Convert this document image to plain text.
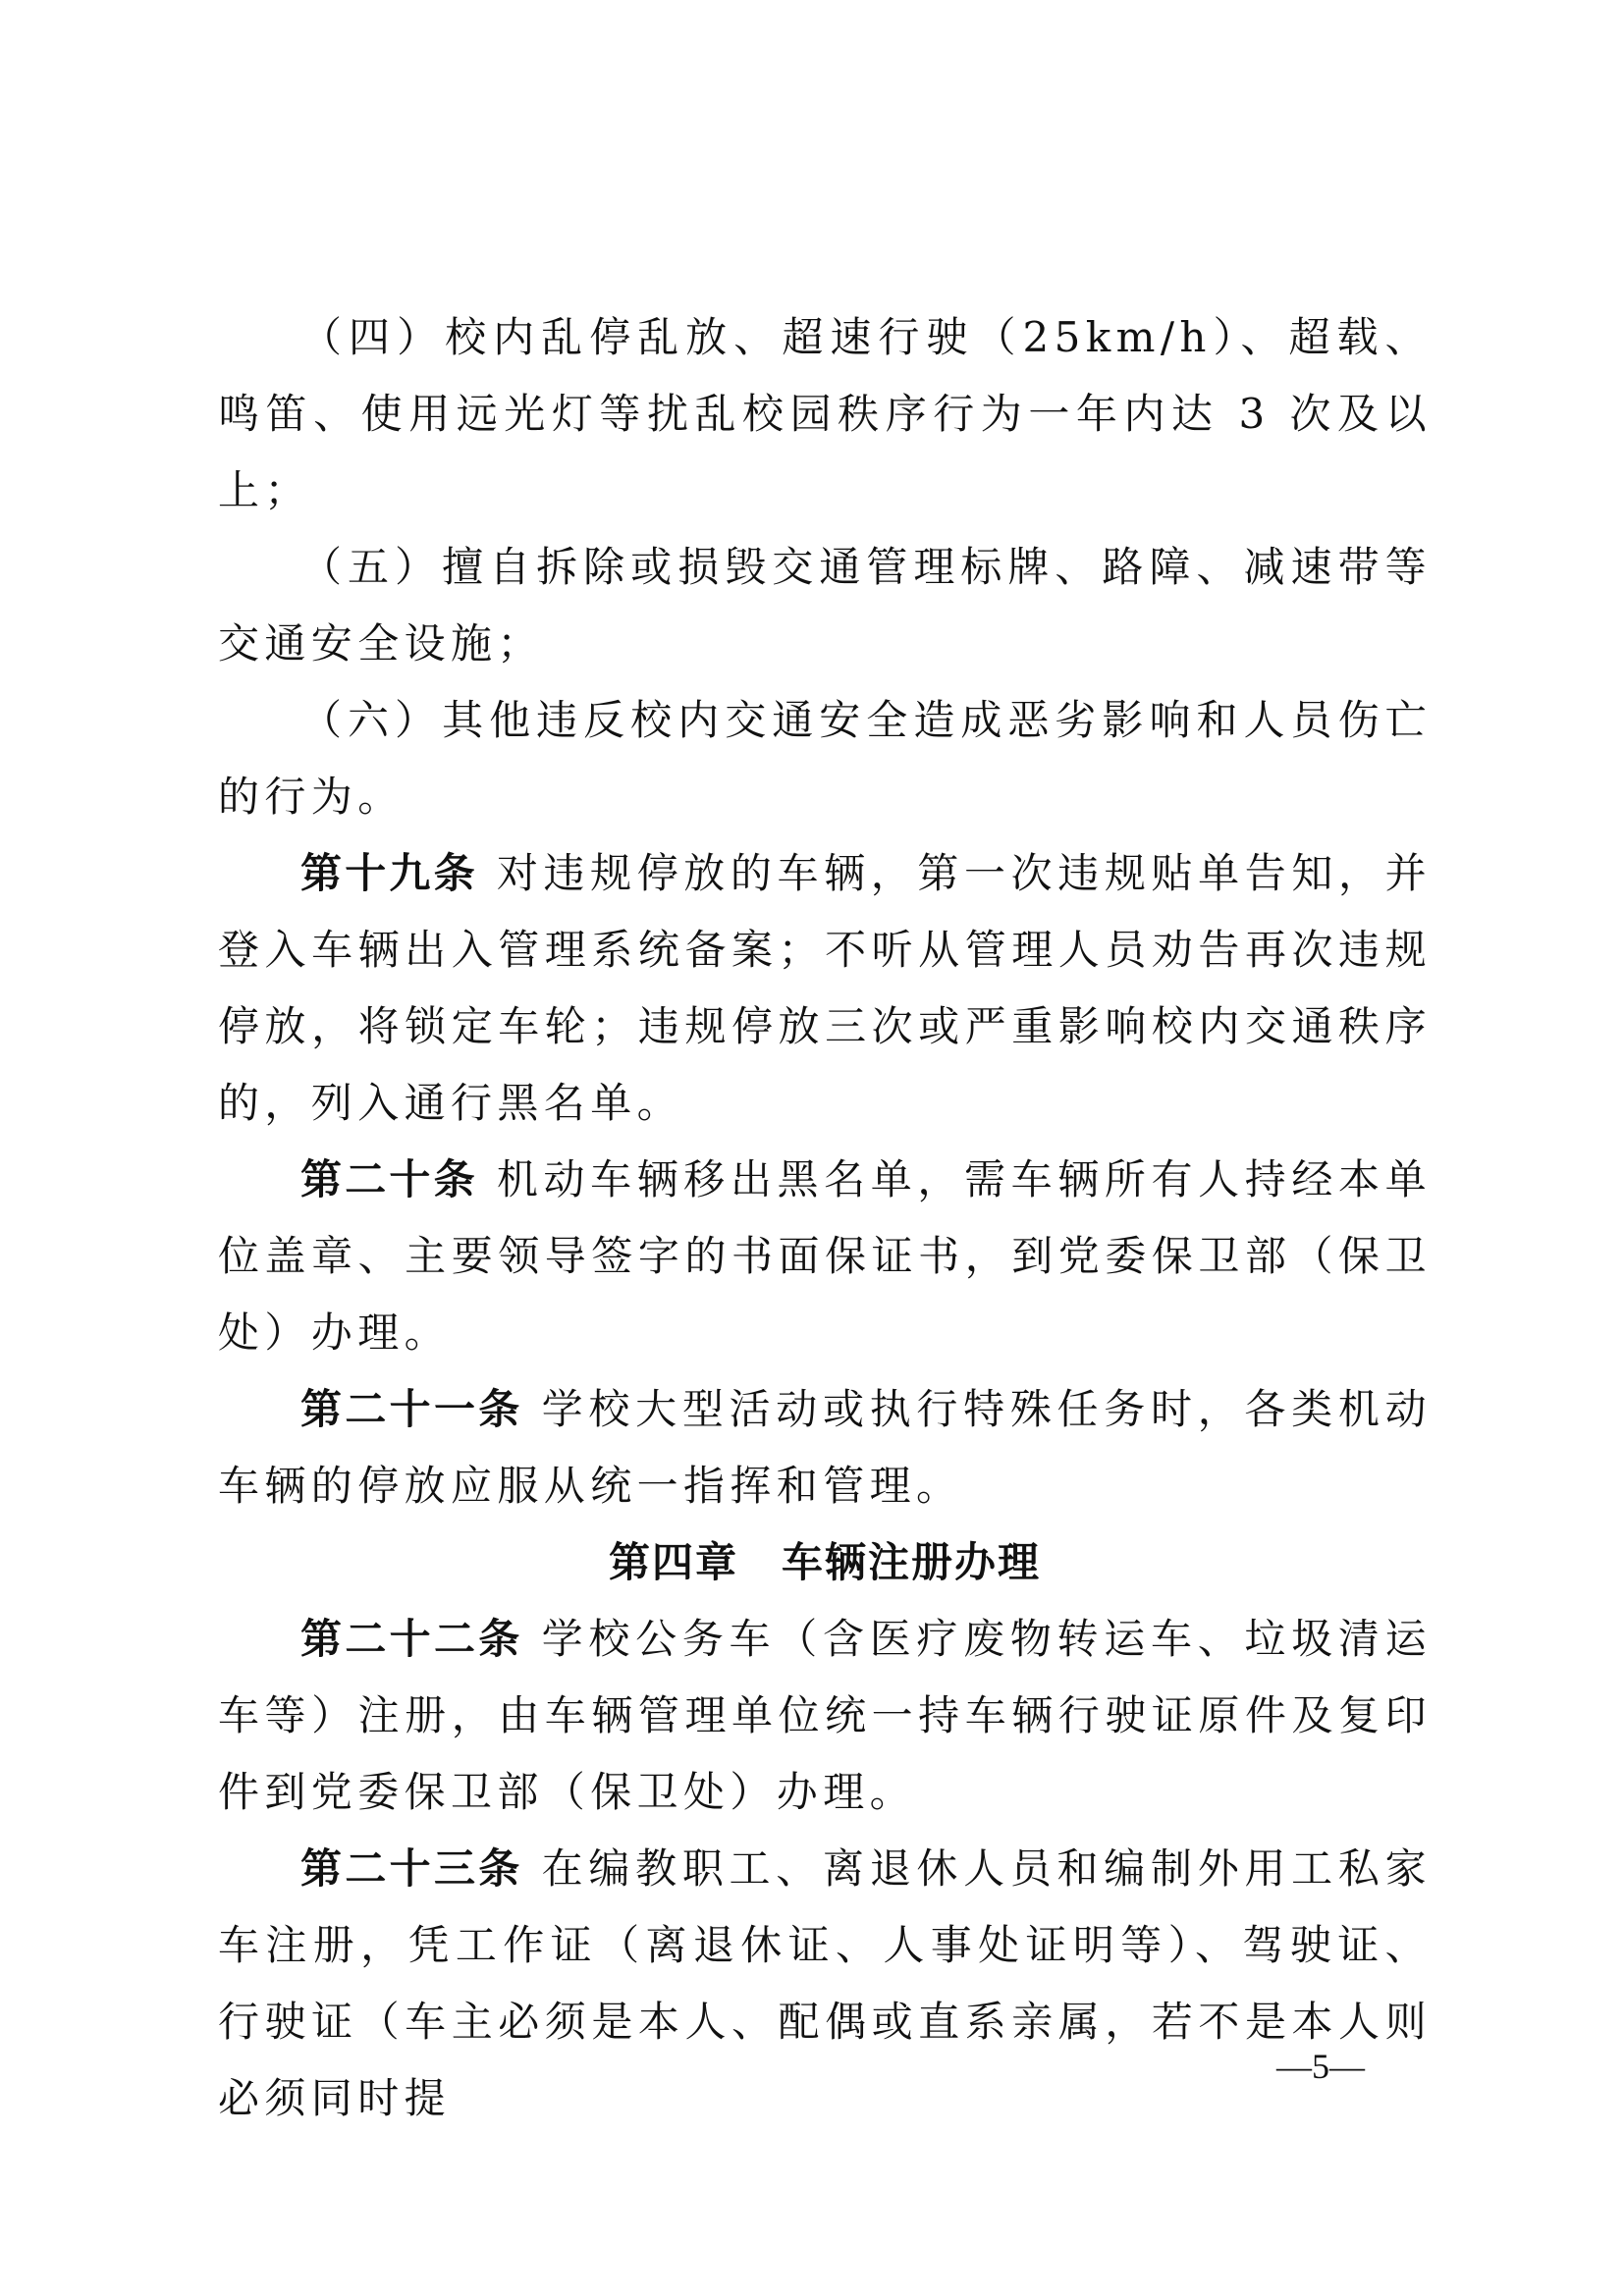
（四）校内乱停乱放、超速行驶（25km/h）、超载、鸣笛、使用远光灯等扰乱校园秩序行为一年内达 3 次及以上；

（五）擅自拆除或损毁交通管理标牌、路障、减速带等交通安全设施；

（六）其他违反校内交通安全造成恶劣影响和人员伤亡的行为。

第十九条 对违规停放的车辆，第一次违规贴单告知，并登入车辆出入管理系统备案；不听从管理人员劝告再次违规停放，将锁定车轮；违规停放三次或严重影响校内交通秩序的，列入通行黑名单。

第二十条 机动车辆移出黑名单，需车辆所有人持经本单位盖章、主要领导签字的书面保证书，到党委保卫部（保卫处）办理。

第二十一条 学校大型活动或执行特殊任务时，各类机动车辆的停放应服从统一指挥和管理。

第四章　车辆注册办理

第二十二条 学校公务车（含医疗废物转运车、垃圾清运车等）注册，由车辆管理单位统一持车辆行驶证原件及复印件到党委保卫部（保卫处）办理。

第二十三条 在编教职工、离退休人员和编制外用工私家车注册，凭工作证（离退休证、人事处证明等）、驾驶证、行驶证（车主必须是本人、配偶或直系亲属，若不是本人则必须同时提

—5—
